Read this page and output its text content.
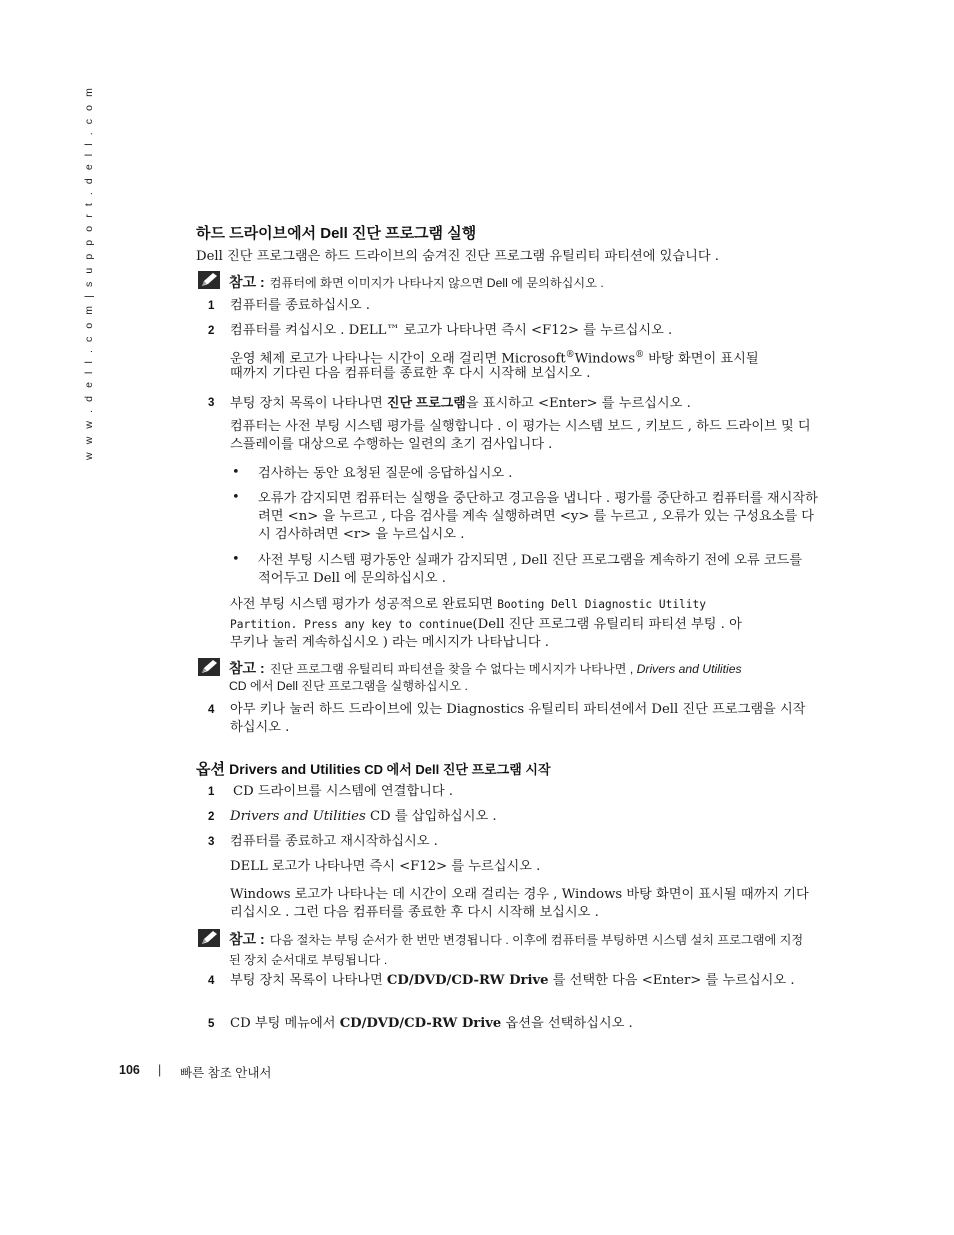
w w w . d e l l . c o m | s u p p o r t . d e l l . c o m	하드 드라이브에서 Dell 진단 프로그램 실행
Dell 진단 프로그램은 하드 드라이브의 숨겨진 진단 프로그램 유틸리티 파티션에 있습니다 .
참고 : 컴퓨터에 화면 이미지가 나타나지 않으면 Dell 에 문의하십시오 .
1	컴퓨터를 종료하십시오 .
2	컴퓨터를 켜십시오 . DELL™ 로고가 나타나면 즉시 <F12> 를 누르십시오 .
운영 체제 로고가 나타나는 시간이 오래 걸리면 Microsoft®Windows® 바탕 화면이 표시될
때까지 기다린 다음 컴퓨터를 종료한 후 다시 시작해 보십시오 .
3	부팅 장치 목록이 나타나면 진단 프로그램을 표시하고 <Enter> 를 누르십시오 .
컴퓨터는 사전 부팅 시스템 평가를 실행합니다 . 이 평가는 시스템 보드 , 키보드 , 하드 드라이브 및 디스플레이를 대상으로 수행하는 일련의 초기 검사입니다 .
• 검사하는 동안 요청된 질문에 응답하십시오 .
• 오류가 감지되면 컴퓨터는 실행을 중단하고 경고음을 냅니다 . 평가를 중단하고 컴퓨터를 재시작하려면 <n> 을 누르고 , 다음 검사를 계속 실행하려면 <y> 를 누르고 , 오류가 있는 구성요소를 다시 검사하려면 <r> 을 누르십시오 .
• 사전 부팅 시스템 평가동안 실패가 감지되면 , Dell 진단 프로그램을 계속하기 전에 오류 코드를 적어두고 Dell 에 문의하십시오 .
사전 부팅 시스템 평가가 성공적으로 완료되면 Booting Dell Diagnostic Utility
Partition. Press any key to continue(Dell 진단 프로그램 유틸리티 파티션 부팅 . 아
무키나 눌러 계속하십시오 ) 라는 메시지가 나타납니다 .
참고 : 진단 프로그램 유틸리티 파티션을 찾을 수 없다는 메시지가 나타나면 , Drivers and Utilities
CD 에서 Dell 진단 프로그램을 실행하십시오 .
4	아무 키나 눌러 하드 드라이브에 있는 Diagnostics 유틸리티 파티션에서 Dell 진단 프로그램을 시작하십시오 .
옵션 Drivers and Utilities CD 에서 Dell 진단 프로그램 시작
1	CD 드라이브를 시스템에 연결합니다 .
2	Drivers and Utilities CD 를 삽입하십시오 .
3	컴퓨터를 종료하고 재시작하십시오 .
DELL 로고가 나타나면 즉시 <F12> 를 누르십시오 .
Windows 로고가 나타나는 데 시간이 오래 걸리는 경우 , Windows 바탕 화면이 표시될 때까지 기다리십시오 . 그런 다음 컴퓨터를 종료한 후 다시 시작해 보십시오 .
참고 : 다음 절차는 부팅 순서가 한 번만 변경됩니다 . 이후에 컴퓨터를 부팅하면 시스템 설치 프로그램에 지정된 장치 순서대로 부팅됩니다 .
4	부팅 장치 목록이 나타나면 CD/DVD/CD-RW Drive 를 선택한 다음 <Enter> 를 누르십시오 .
5	CD 부팅 메뉴에서 CD/DVD/CD-RW Drive 옵션을 선택하십시오 .
106 | 빠른 참조 안내서
